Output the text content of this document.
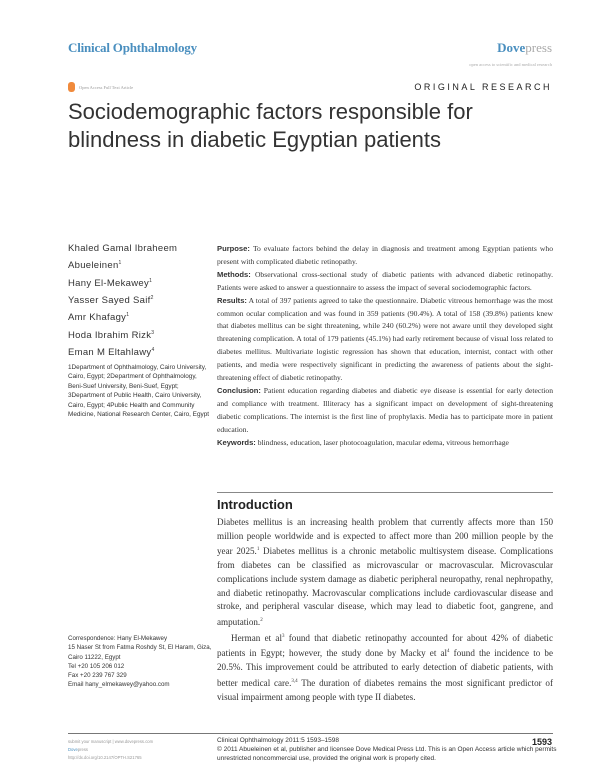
Clinical Ophthalmology	Dovepress
open access to scientific and medical research
Open Access Full Text Article	ORIGINAL RESEARCH
Sociodemographic factors responsible for blindness in diabetic Egyptian patients
Khaled Gamal Ibraheem Abueleinen$^1$
Hany El-Mekawey$^1$
Yasser Sayed Saif$^2$
Amr Khafagy$^1$
Hoda Ibrahim Rizk$^3$
Eman M Eltahlawy$^4$
1Department of Ophthalmology, Cairo University, Cairo, Egypt; 2Department of Ophthalmology, Beni-Suef University, Beni-Suef, Egypt; 3Department of Public Health, Cairo University, Cairo, Egypt; 4Public Health and Community Medicine, National Research Center, Cairo, Egypt
Correspondence: Hany El-Mekawey
15 Naser St from Fatma Roshdy St, El Haram, Giza, Cairo 11222, Egypt
Tel +20 105 206 012
Fax +20 239 767 329
Email hany_elmekawey@yahoo.com

Purpose: To evaluate factors behind the delay in diagnosis and treatment among Egyptian patients who present with complicated diabetic retinopathy.

Methods: Observational cross-sectional study of diabetic patients with advanced diabetic retinopathy. Patients were asked to answer a questionnaire to assess the impact of several sociodemographic factors.

Results: A total of 397 patients agreed to take the questionnaire. Diabetic vitreous hemorrhage was the most common ocular complication and was found in 359 patients (90.4%). A total of 158 (39.8%) patients knew that diabetes mellitus can be sight threatening, while 240 (60.2%) were not aware until they developed sight threatening complication. A total of 179 patients (45.1%) had early retirement because of visual loss related to diabetes mellitus. Multivariate logistic regression has shown that education, internist, contact with other patients, and media were respectively significant in predicting the awareness of patients about the sight-threatening effect of diabetic retinopathy.

Conclusion: Patient education regarding diabetes and diabetic eye disease is essential for early detection and compliance with treatment. Illiteracy has a significant impact on development of sight-threatening diabetic complications. The internist is the first line of prophylaxis. Media has to participate more in patient education.

Keywords: blindness, education, laser photocoagulation, macular edema, vitreous hemorrhage

Introduction

Diabetes mellitus is an increasing health problem that currently affects more than 150 million people worldwide and is expected to affect more than 200 million people by the year 2025.$^1$ Diabetes mellitus is a chronic metabolic multisystem disease. Complications from diabetes can be classified as microvascular or macrovascular. Microvascular complications include system damage as diabetic peripheral neuropathy, renal nephropathy, and diabetic retinopathy. Macrovascular complications include cardiovascular disease and stroke, and peripheral vascular disease, which may lead to diabetic foot, gangrene, and amputation.$^2$

Herman et $al^3$ found that diabetic retinopathy accounted for about 42% of diabetic patients in Egypt; however, the study done by Macky et $al^4$ found the incidence to be 20.5%. This improvement could be attributed to early detection of diabetic patients, with better medical care.$^{3,4}$ The duration of diabetes remains the most significant predictor of visual impairment among people with type II diabetes.

submit your manuscript | www.dovepress.com
Dovepress
http://dx.doi.org/10.2147/OPTH.S21765
Clinical Ophthalmology 2011:5 1593–1598
© 2011 Abueleinen et al, publisher and licensee Dove Medical Press Ltd. This is an Open Access article which permits unrestricted noncommercial use, provided the original work is properly cited.
1593
